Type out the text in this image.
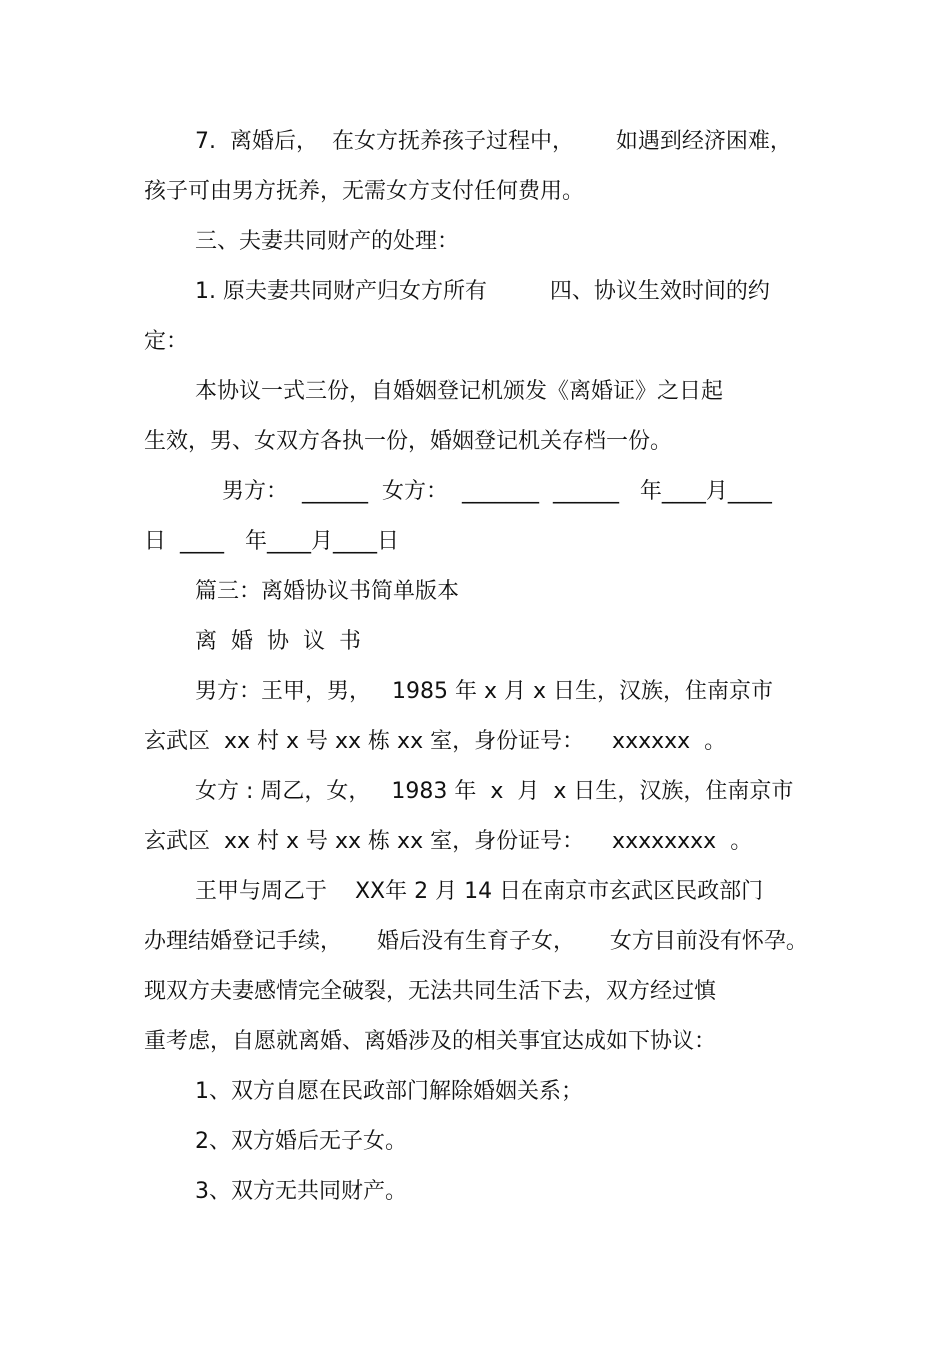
7.  离婚后，  在女方抚养孩子过程中，      如遇到经济困难，
孩子可由男方抚养，无需女方支付任何费用。
三、夫妻共同财产的处理：
1. 原夫妻共同财产归女方所有         四、协议生效时间的约
定：
本协议一式三份，自婚姻登记机颁发《离婚证》之日起
生效，男、女双方各执一份，婚姻登记机关存档一份。
男方：  ______  女方：  _______  ______   年____月____
日  ____   年____月____日
篇三：离婚协议书简单版本
离  婚  协  议  书
男方：王甲，男，   1985 年 x 月 x 日生，汉族，住南京市
玄武区  xx 村 x 号 xx 栋 xx 室，身份证号：    xxxxxx  。
女方 : 周乙，女，   1983 年  x  月  x 日生，汉族，住南京市
玄武区  xx 村 x 号 xx 栋 xx 室，身份证号：    xxxxxxxx  。
王甲与周乙于    XX年 2 月 14 日在南京市玄武区民政部门
办理结婚登记手续，     婚后没有生育子女，     女方目前没有怀孕。
现双方夫妻感情完全破裂，无法共同生活下去，双方经过慎
重考虑，自愿就离婚、离婚涉及的相关事宜达成如下协议：
1、双方自愿在民政部门解除婚姻关系；
2、双方婚后无子女。
3、双方无共同财产。
